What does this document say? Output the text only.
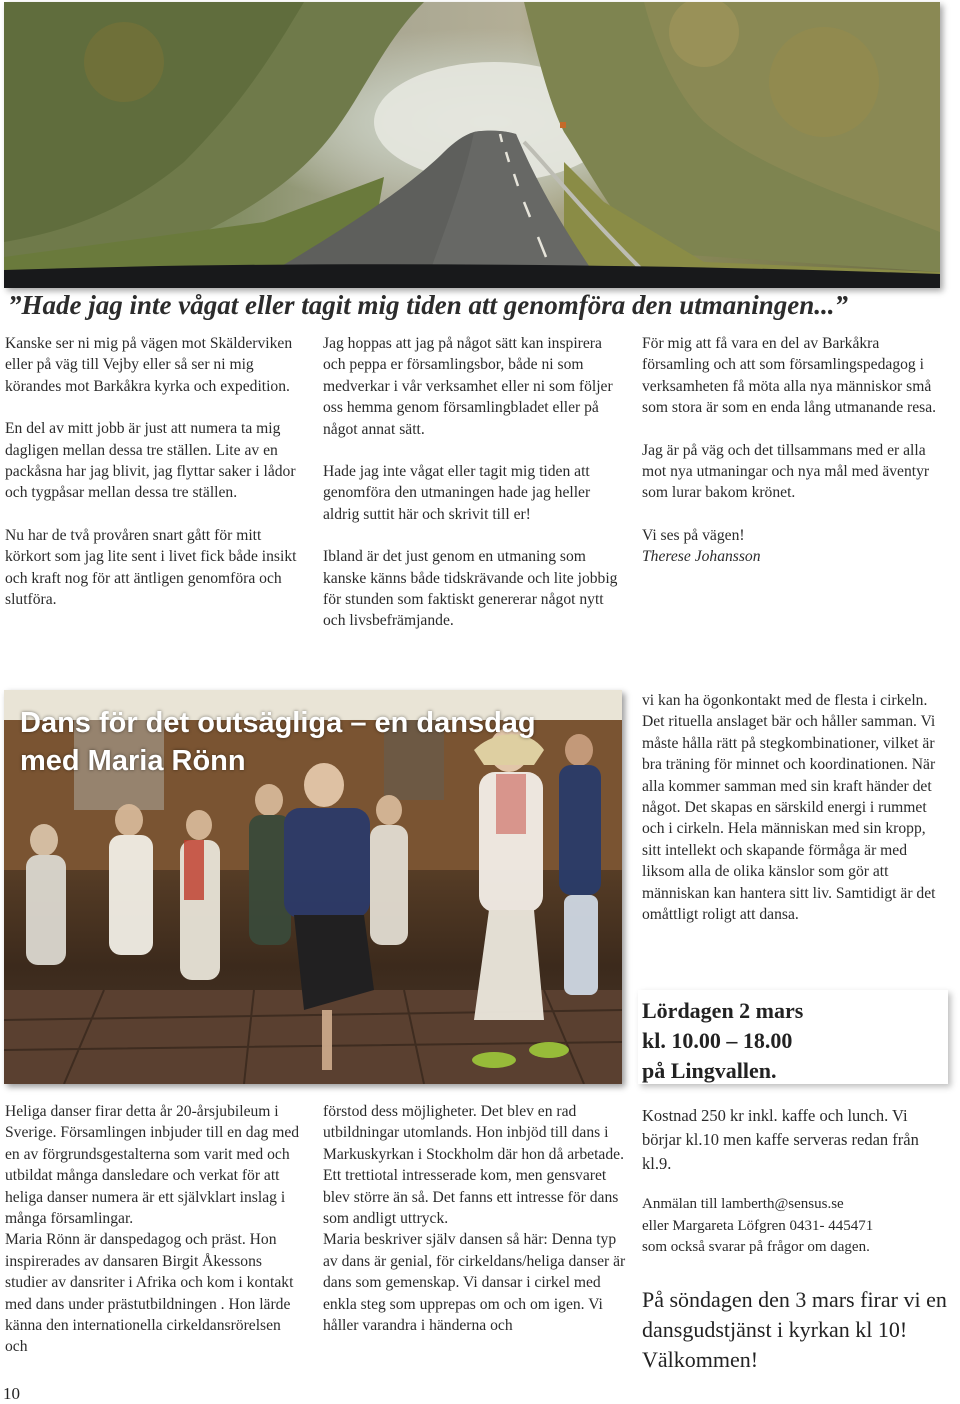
”Hade jag inte vågat eller tagit mig tiden att genomföra den utmaningen...”

Kanske ser ni mig på vägen mot Skälderviken eller på väg till Vejby eller så ser ni mig körandes mot Barkåkra kyrka och expedition.

En del av mitt jobb är just att numera ta mig dagligen mellan dessa tre ställen. Lite av en packåsna har jag blivit, jag flyttar saker i lådor och tygpåsar mellan dessa tre ställen.

Nu har de två provåren snart gått för mitt körkort som jag lite sent i livet fick både insikt och kraft nog för att äntligen genomföra och slutföra.

Jag hoppas att jag på något sätt kan inspirera och peppa er församlingsbor, både ni som medverkar i vår verksamhet eller ni som följer oss hemma genom församlingbladet eller på något annat sätt.

Hade jag inte vågat eller tagit mig tiden att genomföra den utmaningen hade jag heller aldrig suttit här och skrivit till er!

Ibland är det just genom en utmaning som kanske känns både tidskrävande och lite jobbig för stunden som faktiskt genererar något nytt och livsbefrämjande.

För mig att få vara en del av Barkåkra församling och att som församlingspedagog i verksamheten få möta alla nya människor små som stora är som en enda lång utmanande resa.

Jag är på väg och det tillsammans med er alla mot nya utmaningar och nya mål med äventyr som lurar bakom krönet.

Vi ses på vägen!

Therese Johansson

Dans för det outsägliga – en dansdag med Maria Rönn

vi kan ha ögonkontakt med de flesta i cirkeln. Det rituella anslaget bär och håller samman. Vi måste hålla rätt på stegkombinationer, vilket är bra träning för minnet och koordinationen. När alla kommer samman med sin kraft händer det något. Det skapas en särskild energi i rummet och i cirkeln. Hela människan med sin kropp, sitt intellekt och skapande förmåga är med liksom alla de olika känslor som gör att människan kan hantera sitt liv. Samtidigt är det omåttligt roligt att dansa.

Lördagen 2 mars
kl. 10.00 – 18.00
på Lingvallen.

Heliga danser firar detta år 20-årsjubileum i Sverige. Församlingen inbjuder till en dag med en av förgrundsgestalterna som varit med och utbildat många dansledare och verkat för att heliga danser numera är ett självklart inslag i många församlingar.

Maria Rönn är danspedagog och präst. Hon inspirerades av dansaren Birgit Åkessons studier av dansriter i Afrika och kom i kontakt med dans under prästutbildningen . Hon lärde känna den internationella cirkeldansrörelsen och

förstod dess möjligheter. Det blev en rad utbildningar utomlands. Hon inbjöd till dans i Markuskyrkan i Stockholm där hon då arbetade. Ett trettiotal intresserade kom, men gensvaret blev större än så. Det fanns ett intresse för dans som andligt uttryck.

Maria beskriver själv dansen så här: Denna typ av dans är genial, för cirkeldans/heliga danser är dans som gemenskap. Vi dansar i cirkel med enkla steg som upprepas om och om igen. Vi håller varandra i händerna och

Kostnad 250 kr inkl. kaffe och lunch. Vi börjar kl.10 men kaffe serveras redan från kl.9.

Anmälan till lamberth@sensus.se
eller Margareta Löfgren 0431- 445471
som också svarar på frågor om dagen.
På söndagen den 3 mars firar vi en dansgudstjänst i kyrkan kl 10! Välkommen!
10
